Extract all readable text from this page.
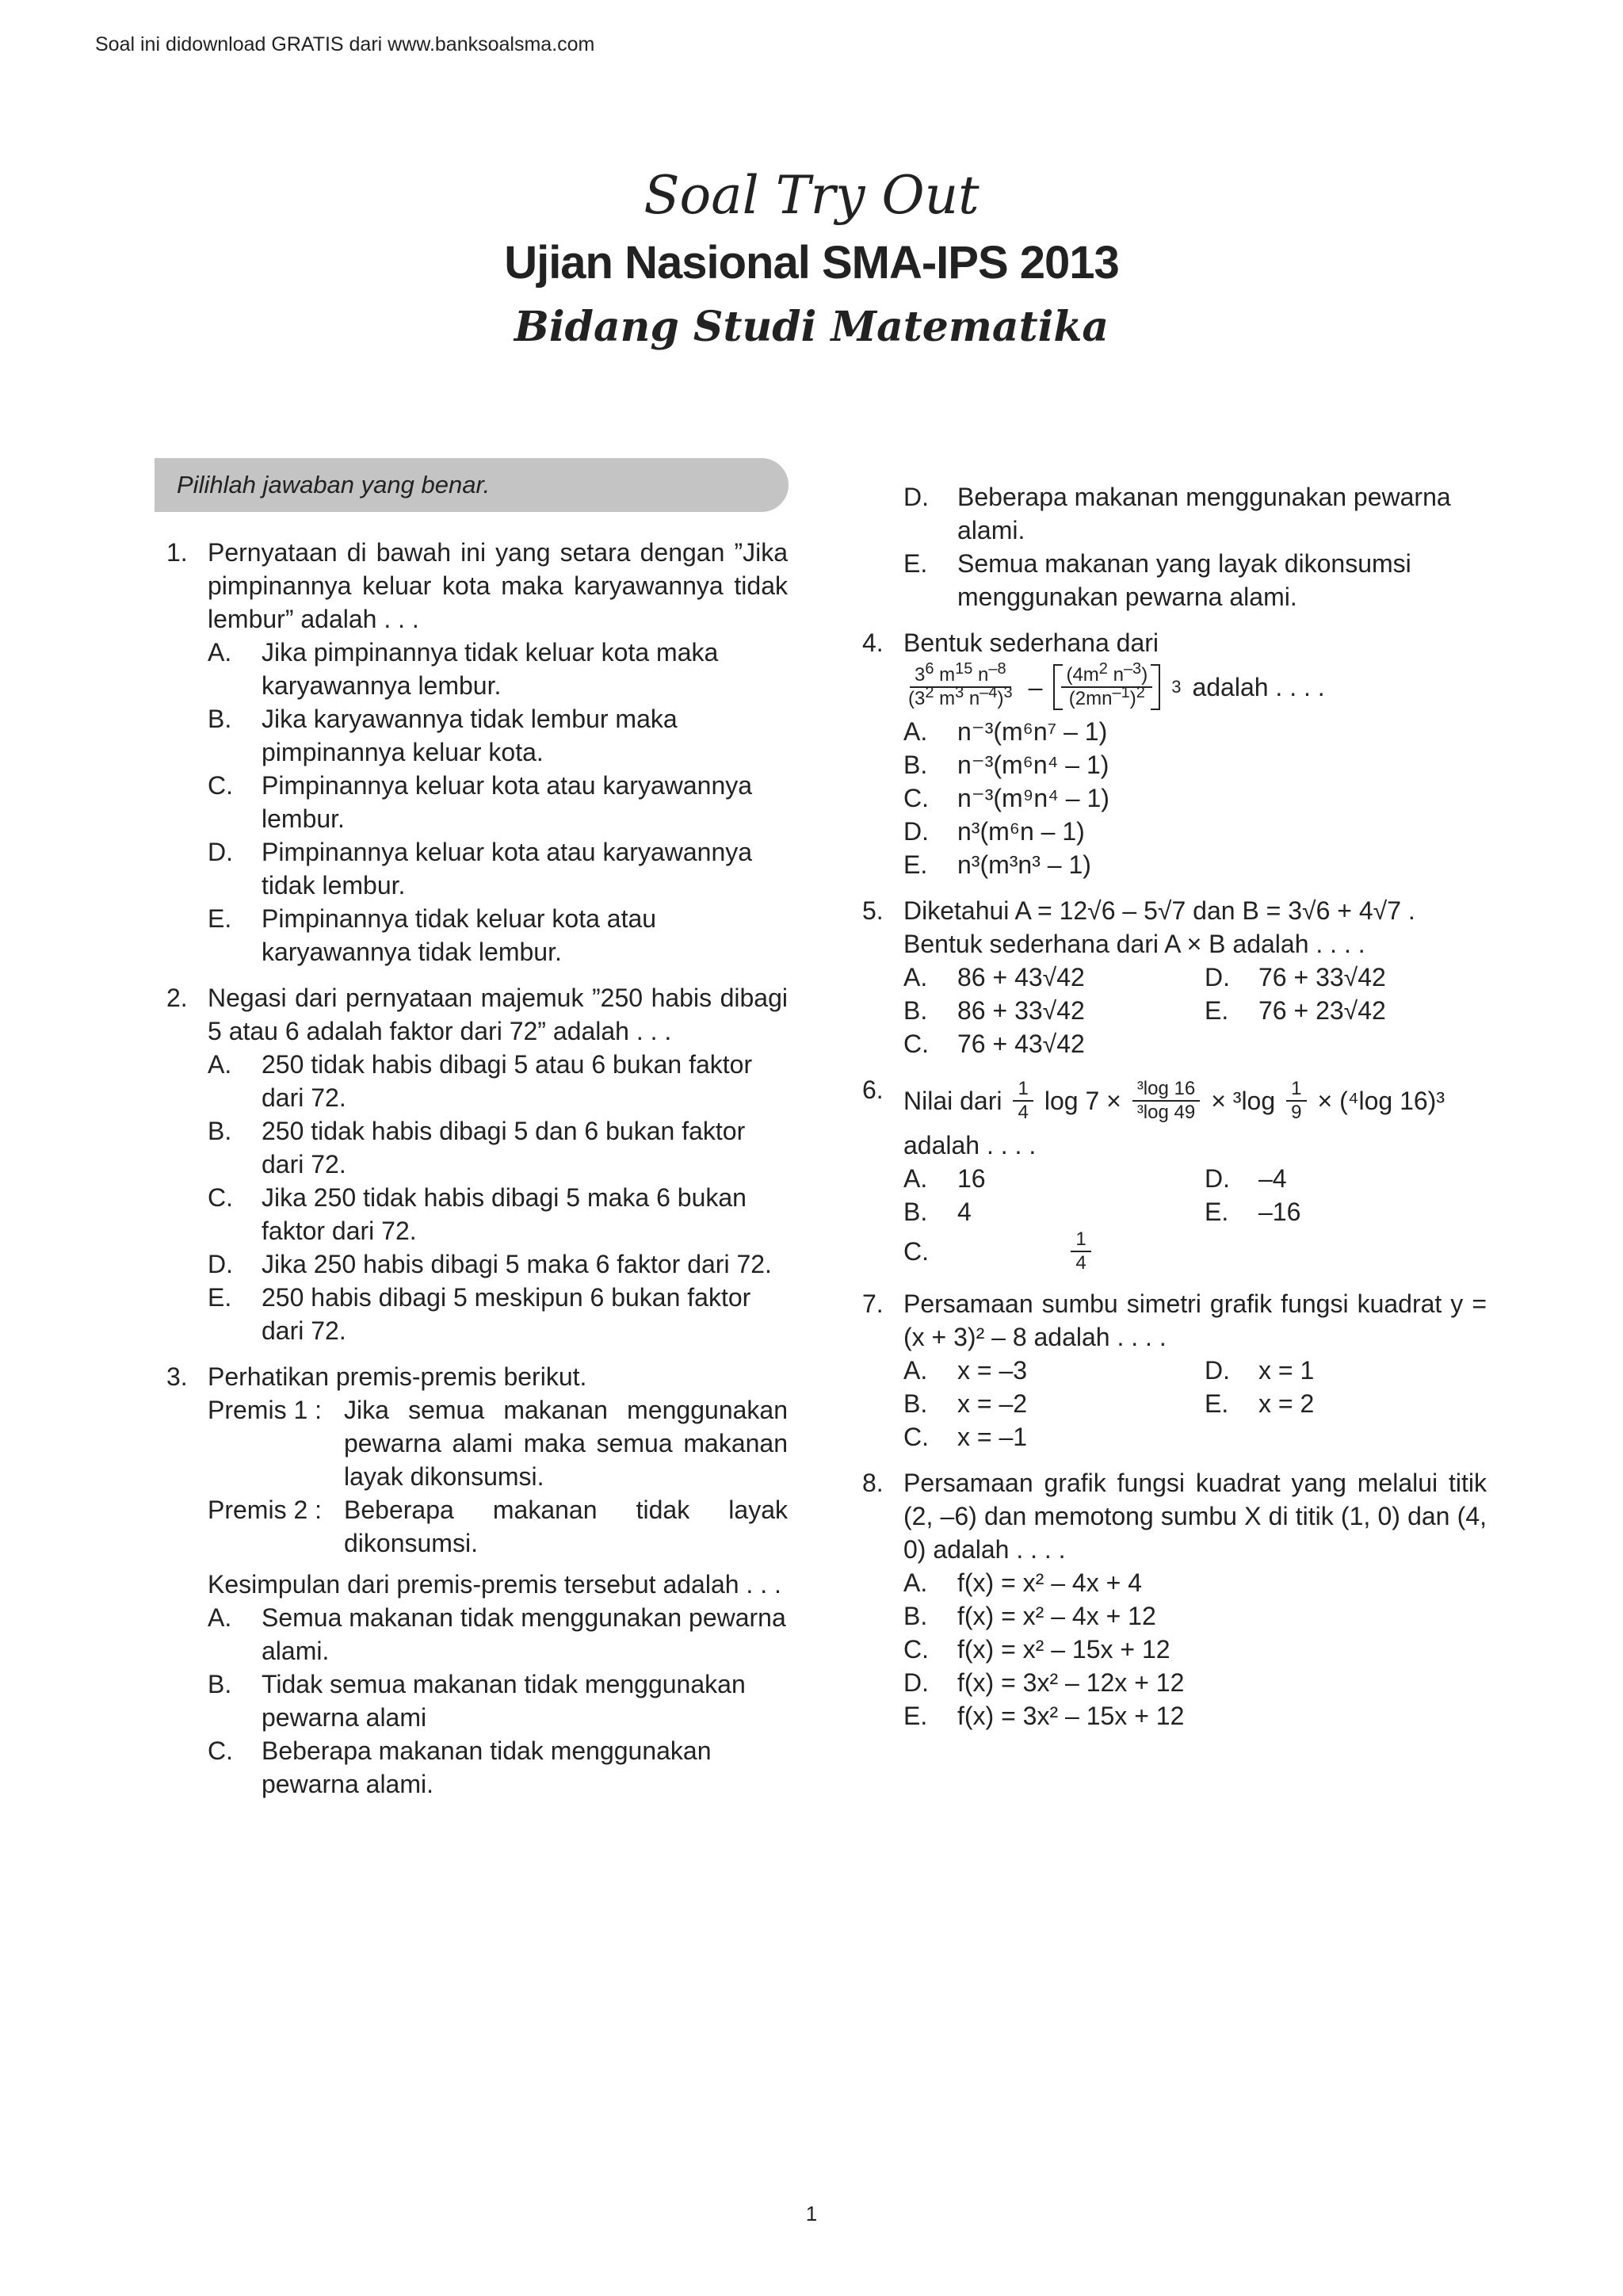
Soal ini didownload GRATIS dari www.banksoalsma.com
Soal Try Out
Ujian Nasional SMA-IPS 2013
Bidang Studi Matematika
Pilihlah jawaban yang benar.
1. Pernyataan di bawah ini yang setara dengan ”Jika pimpinannya keluar kota maka karyawannya tidak lembur” adalah . . .
A.	Jika pimpinannya tidak keluar kota maka karyawannya lembur.
B.	Jika karyawannya tidak lembur maka pimpinannya keluar kota.
C.	Pimpinannya keluar kota atau karyawannya lembur.
D.	Pimpinannya keluar kota atau karyawannya tidak lembur.
E.	Pimpinannya tidak keluar kota atau karyawannya tidak lembur.
2. Negasi dari pernyataan majemuk ”250 habis dibagi 5 atau 6 adalah faktor dari 72” adalah . . .
A.	250 tidak habis dibagi 5 atau 6 bukan faktor dari 72.
B.	250 tidak habis dibagi 5 dan 6 bukan faktor dari 72.
C.	Jika 250 tidak habis dibagi 5 maka 6 bukan faktor dari 72.
D.	Jika 250 habis dibagi 5 maka 6 faktor dari 72.
E.	250 habis dibagi 5 meskipun 6 bukan faktor dari 72.
3. Perhatikan premis-premis berikut.
Premis 1 : Jika semua makanan menggunakan pewarna alami maka semua makanan layak dikonsumsi.
Premis 2 : Beberapa makanan tidak layak dikonsumsi.
Kesimpulan dari premis-premis tersebut adalah . . .
A.	Semua makanan tidak menggunakan pewarna alami.
B.	Tidak semua makanan tidak menggunakan pewarna alami
C.	Beberapa makanan tidak menggunakan pewarna alami.
D.	Beberapa makanan menggunakan pewarna alami.
E.	Semua makanan yang layak dikonsumsi menggunakan pewarna alami.
4. Bentuk sederhana dari
$\frac{3^6 m^{15} n^{-8}}{(3^2 m^3 n^{-4})^3} - \frac{(4m^2 n^{-3})}{(2mn^{-1})^2} 3$ adalah . . . .
A.	n⁻³(m⁶n⁷ – 1)
B.	n⁻³(m⁶n⁴ – 1)
C.	n⁻³(m⁹n⁴ – 1)
D.	n³(m⁶n – 1)
E.	n³(m³n³ – 1)
5. Diketahui A = 12√6 – 5√7 dan B = 3√6 + 4√7 .
Bentuk sederhana dari A × B adalah . . . .
A.	86 + 43√42	D.	76 + 33√42
B.	86 + 33√42	E.	76 + 23√42
C.	76 + 43√42
6. Nilai dari $\frac{1}{4}$ $\log 7 \times \frac{\text{³log 16}}{\text{³log 49}} \times ^3\log \frac{1}{9} \times (^4\log$ 16)³
adalah . . . .
A.	16	D.	–4
B.	4	E.	–16
C.	$\frac{1}{4}$
7. Persamaan sumbu simetri grafik fungsi kuadrat y = (x + 3)² – 8 adalah . . . .
A.	x = –3	D.	x = 1
B.	x = –2	E.	x = 2
C.	x = –1
8. Persamaan grafik fungsi kuadrat yang melalui titik (2, –6) dan memotong sumbu X di titik (1, 0) dan (4, 0) adalah . . . .
A.	f(x) = x² – 4x + 4
B.	f(x) = x² – 4x + 12
C.	f(x) = x² – 15x + 12
D.	f(x) = 3x² – 12x + 12
E.	f(x) = 3x² – 15x + 12
1
